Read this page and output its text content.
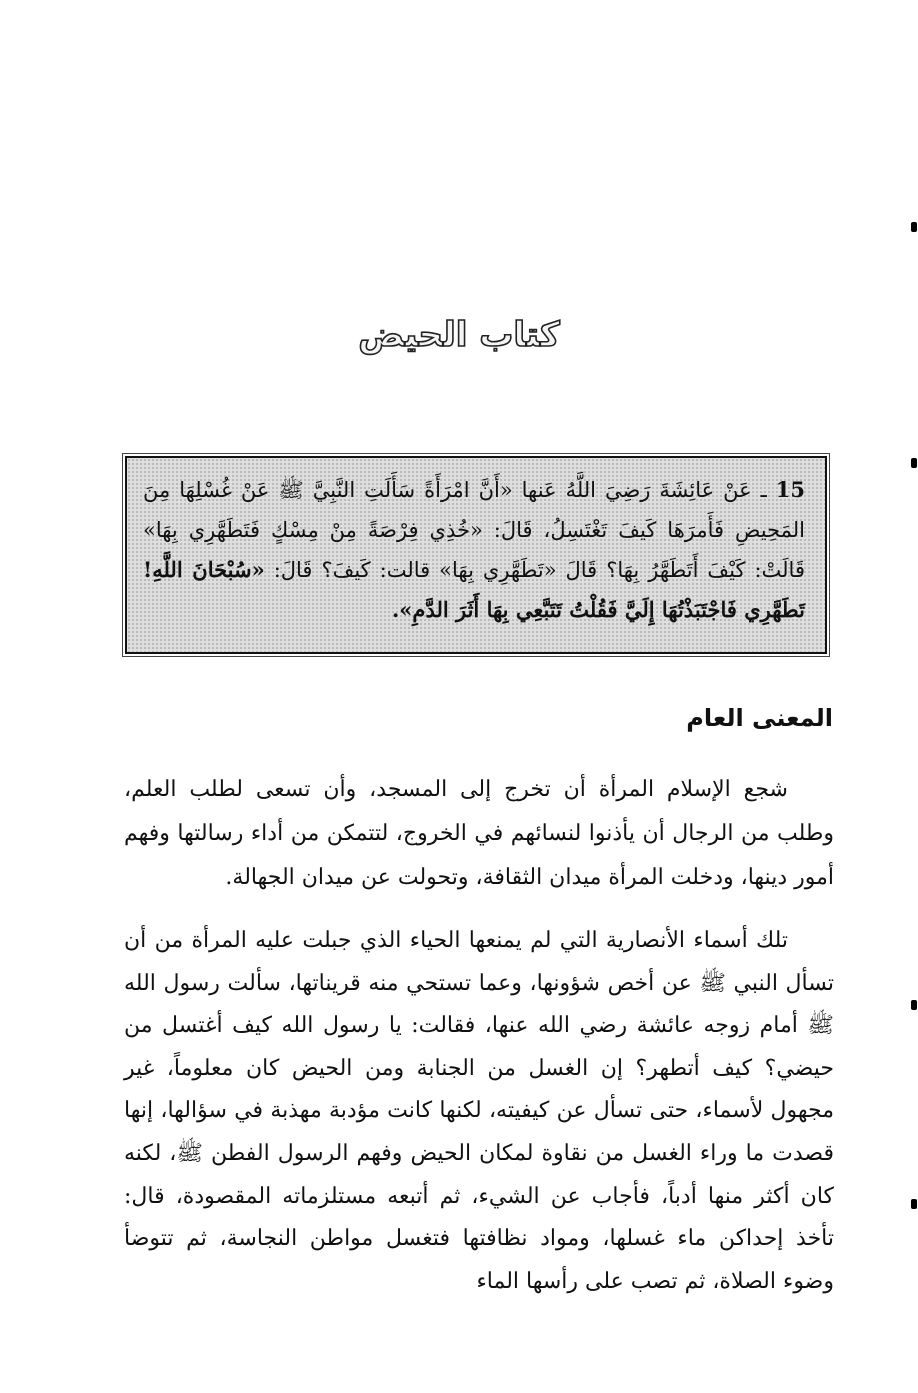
كتاب الحيض
15 ـ عَنْ عَائِشَةَ رَضِيَ اللَّهُ عَنها «أَنَّ امْرَأَةً سَأَلَتِ النَّبِيَّ ﷺ عَنْ غُسْلِهَا مِنَ المَحِيضِ فَأَمرَهَا كَيفَ تَغْتَسِلُ، قَالَ: «خُذِي فِرْصَةً مِنْ مِسْكٍ فَتَطَهَّرِي بِهَا» قَالَتْ: كَيْفَ أَتَطَهَّرُ بِهَا؟ قَالَ «تَطَهَّرِي بِهَا» قالت: كَيفَ؟ قَالَ: «سُبْحَانَ اللَّهِ! تَطَهَّرِي فَاجْتَبَذْتُهَا إِلَيَّ فَقُلْتُ تَتَبَّعِي بِهَا أَثَرَ الدَّمِ».
المعنى العام
شجع الإسلام المرأة أن تخرج إلى المسجد، وأن تسعى لطلب العلم، وطلب من الرجال أن يأذنوا لنسائهم في الخروج، لتتمكن من أداء رسالتها وفهم أمور دينها، ودخلت المرأة ميدان الثقافة، وتحولت عن ميدان الجهالة.
تلك أسماء الأنصارية التي لم يمنعها الحياء الذي جبلت عليه المرأة من أن تسأل النبي ﷺ عن أخص شؤونها، وعما تستحي منه قريناتها، سألت رسول الله ﷺ أمام زوجه عائشة رضي الله عنها، فقالت: يا رسول الله كيف أغتسل من حيضي؟ كيف أتطهر؟ إن الغسل من الجنابة ومن الحيض كان معلوماً، غير مجهول لأسماء، حتى تسأل عن كيفيته، لكنها كانت مؤدبة مهذبة في سؤالها، إنها قصدت ما وراء الغسل من نقاوة لمكان الحيض وفهم الرسول الفطن ﷺ، لكنه كان أكثر منها أدباً، فأجاب عن الشيء، ثم أتبعه مستلزماته المقصودة، قال: تأخذ إحداكن ماء غسلها، ومواد نظافتها فتغسل مواطن النجاسة، ثم تتوضأ وضوء الصلاة، ثم تصب على رأسها الماء
